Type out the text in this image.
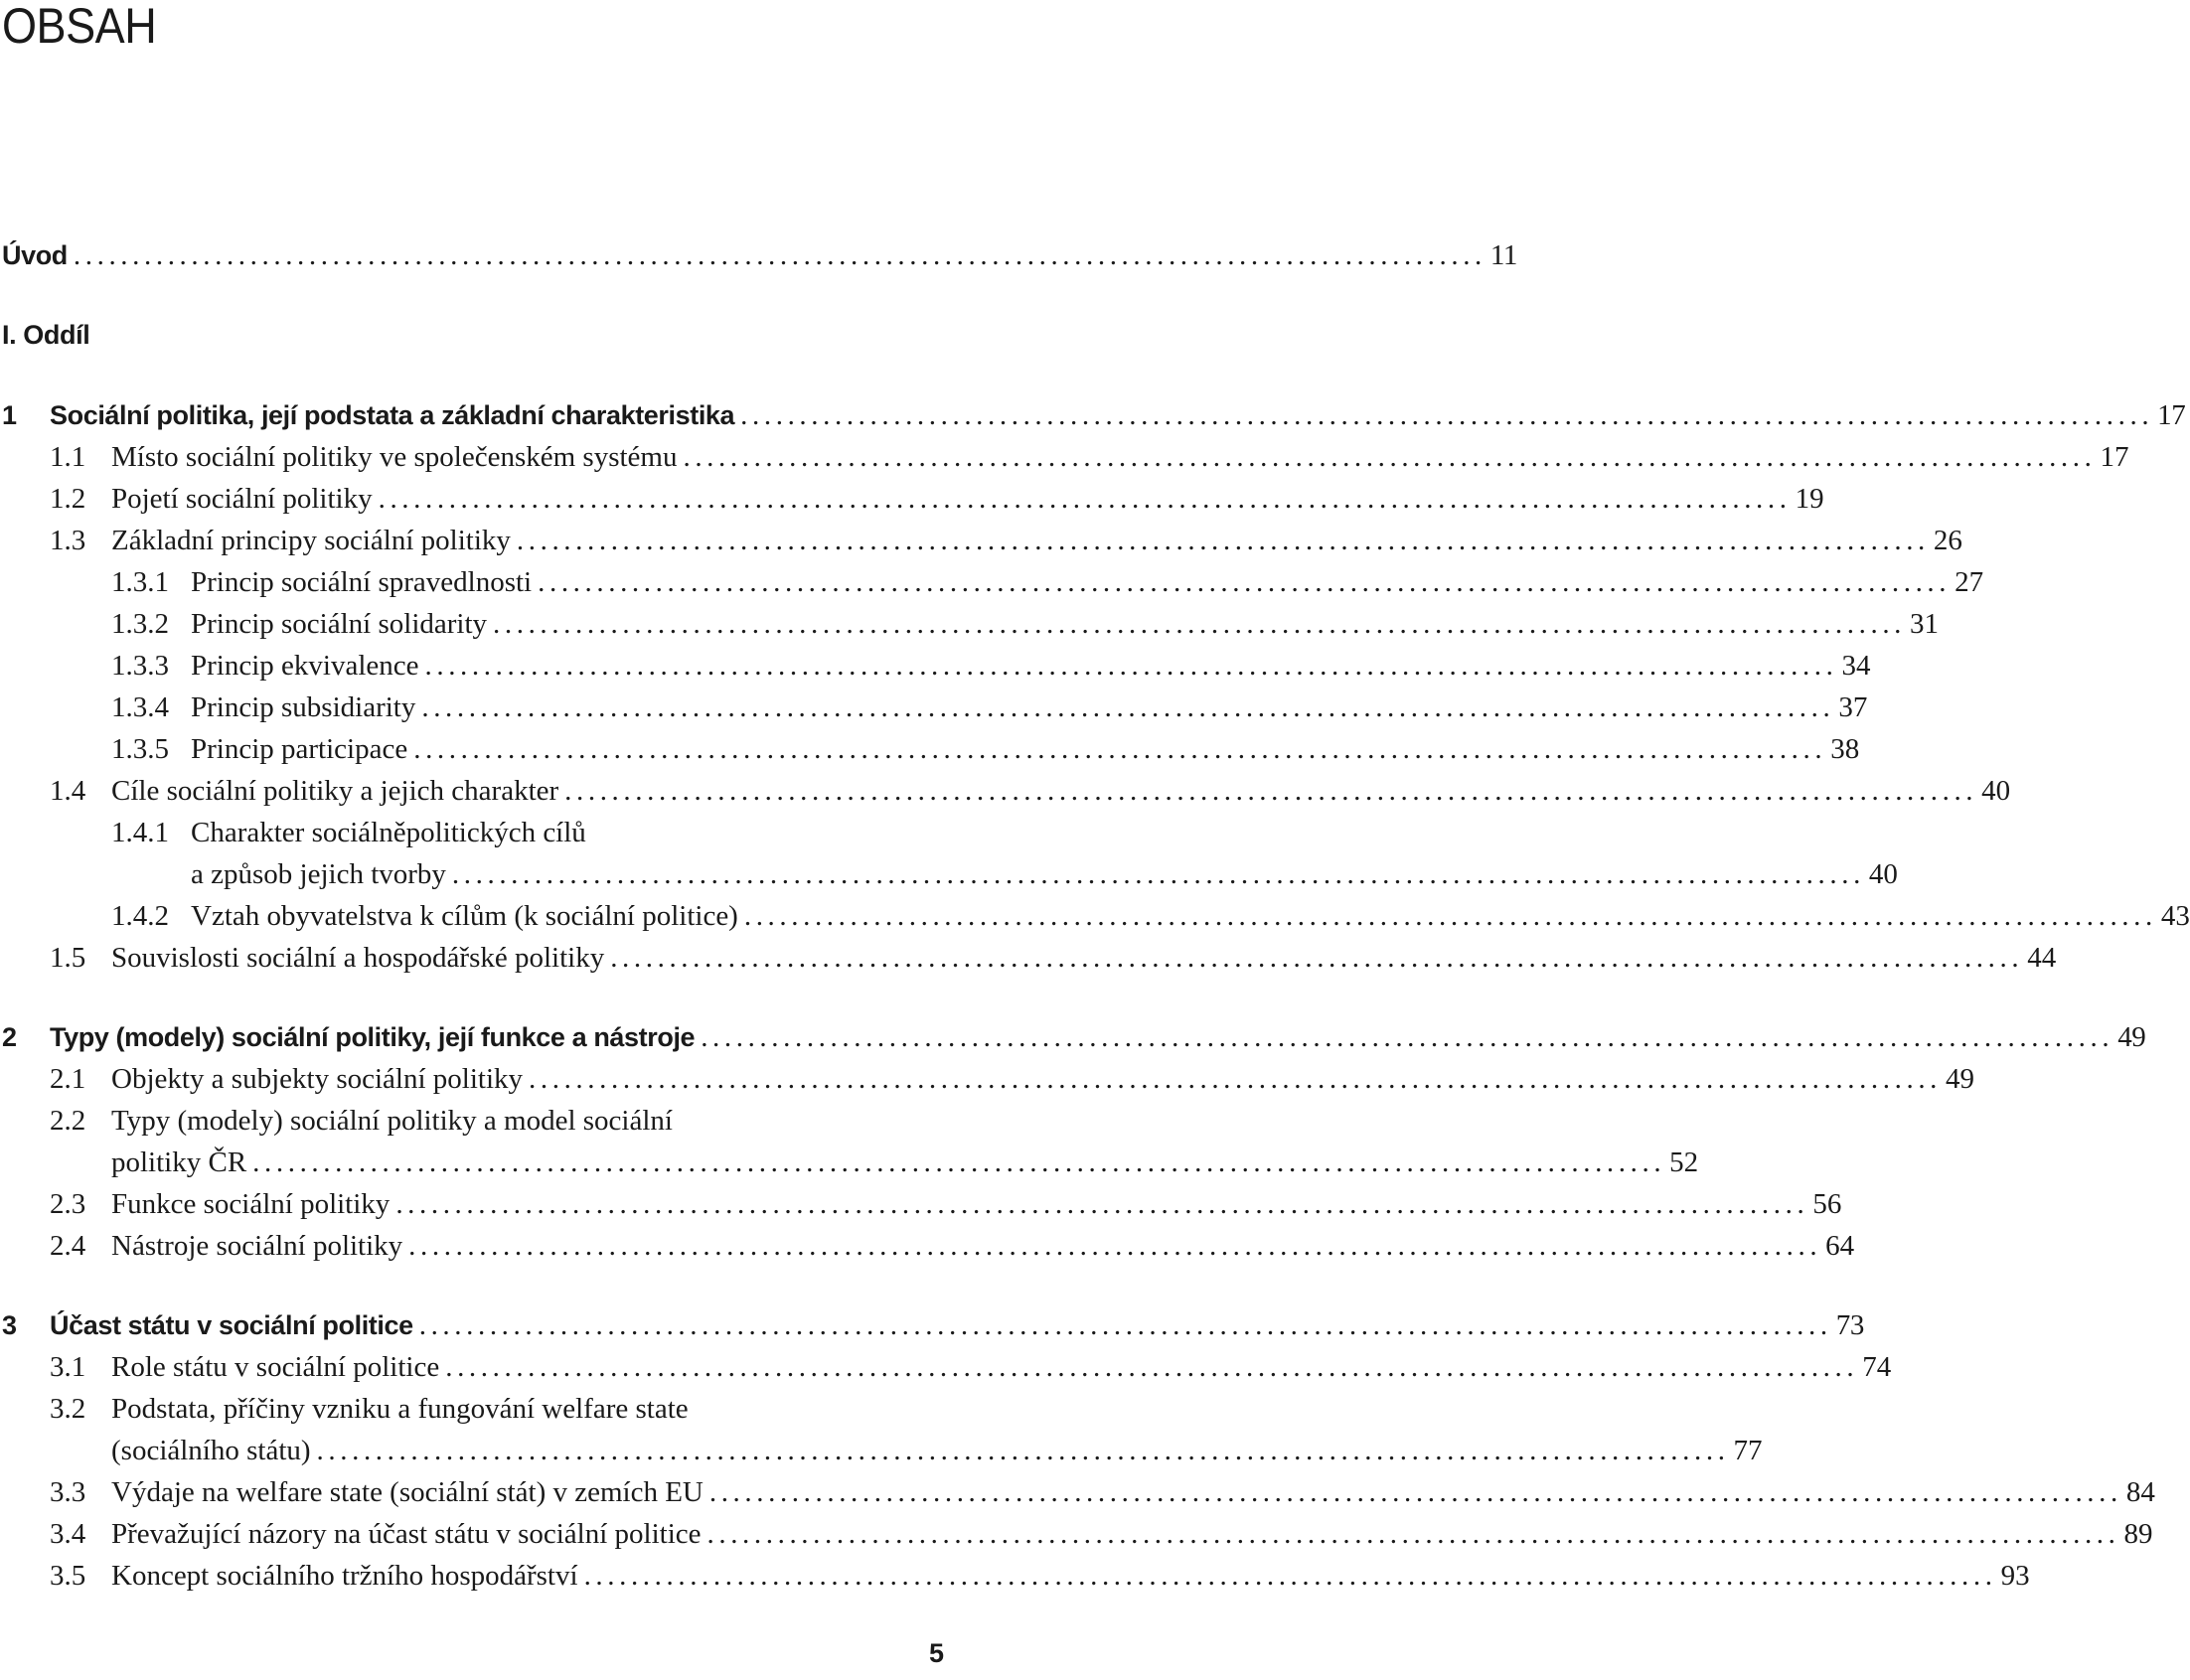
OBSAH
Úvod ........................................................................................................................ 11
I. Oddíl
1	Sociální politika, její podstata a základní charakteristika ........................................................................................................................ 17
1.1 Místo sociální politiky ve společenském systému ........................................................................................................................ 17
1.2 Pojetí sociální politiky ........................................................................................................................ 19
1.3 Základní principy sociální politiky ........................................................................................................................ 26
1.3.1 Princip sociální spravedlnosti ........................................................................................................................ 27
1.3.2 Princip sociální solidarity ........................................................................................................................ 31
1.3.3 Princip ekvivalence ........................................................................................................................ 34
1.3.4 Princip subsidiarity ........................................................................................................................ 37
1.3.5 Princip participace ........................................................................................................................ 38
1.4 Cíle sociální politiky a jejich charakter ........................................................................................................................ 40
1.4.1 Charakter sociálněpolitických cílů
a způsob jejich tvorby ........................................................................................................................ 40
1.4.2 Vztah obyvatelstva k cílům (k sociální politice) ........................................................................................................................ 43
1.5 Souvislosti sociální a hospodářské politiky ........................................................................................................................ 44
2	Typy (modely) sociální politiky, její funkce a nástroje ........................................................................................................................ 49
2.1 Objekty a subjekty sociální politiky ........................................................................................................................ 49
2.2 Typy (modely) sociální politiky a model sociální
politiky ČR ........................................................................................................................ 52
2.3 Funkce sociální politiky ........................................................................................................................ 56
2.4 Nástroje sociální politiky ........................................................................................................................ 64
3	Účast státu v sociální politice ........................................................................................................................ 73
3.1 Role státu v sociální politice ........................................................................................................................ 74
3.2 Podstata, příčiny vzniku a fungování welfare state
(sociálního státu) ........................................................................................................................ 77
3.3 Výdaje na welfare state (sociální stát) v zemích EU ........................................................................................................................ 84
3.4 Převažující názory na účast státu v sociální politice ........................................................................................................................ 89
3.5 Koncept sociálního tržního hospodářství ........................................................................................................................ 93
5
